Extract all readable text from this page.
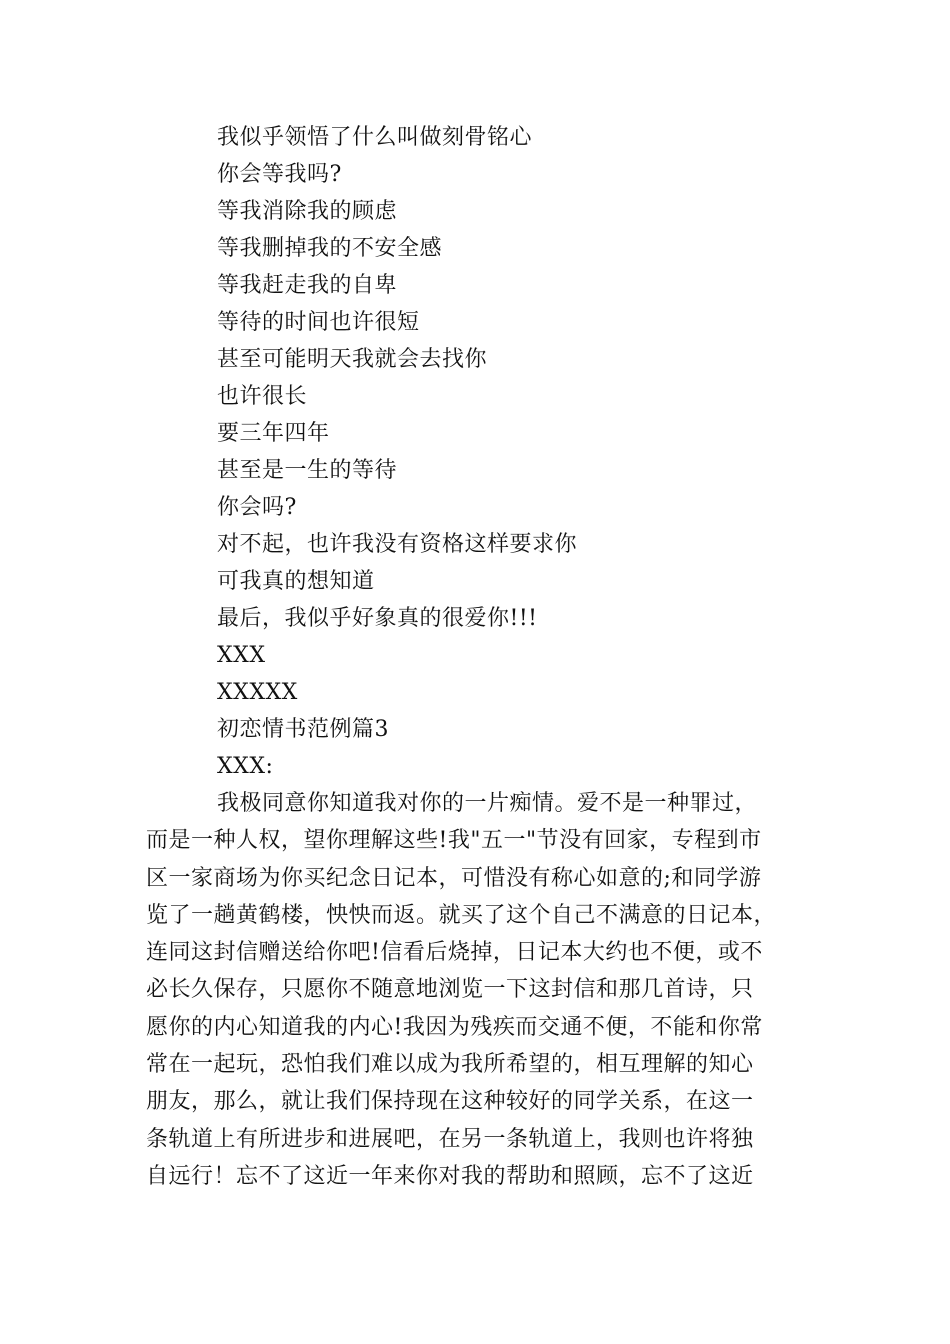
我似乎领悟了什么叫做刻骨铭心
你会等我吗?
等我消除我的顾虑
等我删掉我的不安全感
等我赶走我的自卑
等待的时间也许很短
甚至可能明天我就会去找你
也许很长
要三年四年
甚至是一生的等待
你会吗?
对不起，也许我没有资格这样要求你
可我真的想知道
最后，我似乎好象真的很爱你!!!
XXX
XXXXX
初恋情书范例篇3
XXX:
我极同意你知道我对你的一片痴情。爱不是一种罪过，
而是一种人权，望你理解这些!我"五一"节没有回家，专程到市
区一家商场为你买纪念日记本，可惜没有称心如意的;和同学游
览了一趟黄鹤楼，怏怏而返。就买了这个自己不满意的日记本，
连同这封信赠送给你吧!信看后烧掉，日记本大约也不便，或不
必长久保存，只愿你不随意地浏览一下这封信和那几首诗，只
愿你的内心知道我的内心!我因为残疾而交通不便，不能和你常
常在一起玩，恐怕我们难以成为我所希望的，相互理解的知心
朋友，那么，就让我们保持现在这种较好的同学关系，在这一
条轨道上有所进步和进展吧，在另一条轨道上，我则也许将独
自远行！忘不了这近一年来你对我的帮助和照顾，忘不了这近
